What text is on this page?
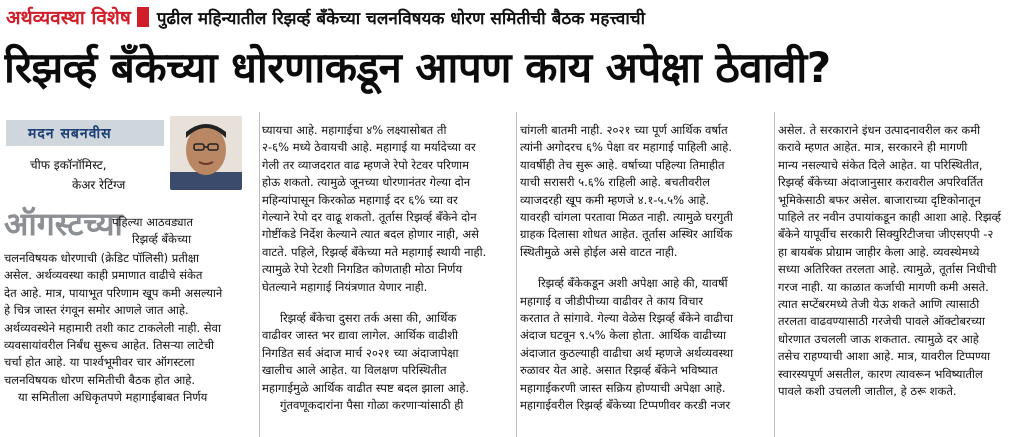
अर्थव्यवस्था विशेष पुढील महिन्यातील रिझर्व्ह बँकेच्या चलनविषयक धोरण समितीची बैठक महत्त्वाची
रिझर्व्ह बँकेच्या धोरणाकडून आपण काय अपेक्षा ठेवावी?
मदन सबनवीस
चीफ इकॉनॉमिस्ट,
केअर रेटिंग्ज
ऑगस्टच्या
पहिल्या आठवड्यात
रिझर्व्ह बँकेच्या
चलनविषयक धोरणाची (क्रेडिट पॉलिसी) प्रतीक्षा
असेल. अर्थव्यवस्था काही प्रमाणात वाढीचे संकेत
देत आहे. मात्र, पायाभूत परिणाम खूप कमी असल्याने
हे चित्र जास्त रंगवून समोर आणले जात आहे.
अर्थव्यवस्थेने महामारी तशी काट टाकलेली नाही. सेवा
व्यवसायांवरील निर्बंध सुरूच आहेत. तिसऱ्या लाटेची
चर्चा होत आहे. या पार्श्वभूमीवर चार ऑगस्टला
चलनविषयक धोरण समितीची बैठक होत आहे.
या समितीला अधिकृतपणे महागाईबाबत निर्णय
घ्यायचा आहे. महागाईचा ४% लक्ष्यासोबत ती
२-६% मध्ये ठेवायची आहे. महागाई या मर्यादेच्या वर
गेली तर व्याजदरात वाढ म्हणजे रेपो रेटवर परिणाम
होऊ शकतो. त्यामुळे जूनच्या धोरणानंतर गेल्या दोन
महिन्यांपासून किरकोळ महागाई दर ६% च्या वर
गेल्याने रेपो दर वाढू शकतो. तूर्तास रिझर्व्ह बँकेने दोन
गोष्टींकडे निर्देश केल्याने त्यात बदल होणार नाही, असे
वाटते. पहिले, रिझर्व्ह बँकेच्या मते महागाई स्थायी नाही.
त्यामुळे रेपो रेटशी निगडित कोणताही मोठा निर्णय
घेतल्याने महागाई नियंत्रणात येणार नाही.
रिझर्व्ह बँकेचा दुसरा तर्क असा की, आर्थिक
वाढीवर जास्त भर द्यावा लागेल. आर्थिक वाढीशी
निगडित सर्व अंदाज मार्च २०२१ च्या अंदाजापेक्षा
खालीच आले आहेत. या विलक्षण परिस्थितीत
महागाईमुळे आर्थिक वाढीत स्पष्ट बदल झाला आहे.
गुंतवणूकदारांना पैसा गोळा करणाऱ्यांसाठी ही
चांगली बातमी नाही. २०२१ च्या पूर्ण आर्थिक वर्षात
त्यांनी अगोदरच ६% पेक्षा वर महागाई पाहिली आहे.
यावर्षीही तेच सुरू आहे. वर्षाच्या पहिल्या तिमाहीत
याची सरासरी ५.६% राहिली आहे. बचतीवरील
व्याजदरही खूप कमी म्हणजे ४.१-५.५% आहे.
यावरही चांगला परतावा मिळत नाही. त्यामुळे घरगुती
ग्राहक दिलासा शोधत आहेत. तूर्तास अस्थिर आर्थिक
स्थितीमुळे असे होईल असे वाटत नाही.
रिझर्व्ह बँकेकडून अशी अपेक्षा आहे की, यावर्षी
महागाई व जीडीपीच्या वाढीवर ते काय विचार
करतात ते सांगावे. गेल्या वेळेस रिझर्व्ह बँकेने वाढीचा
अंदाज घटवून ९.५% केला होता. आर्थिक वाढीच्या
अंदाजात कुठल्याही वाढीचा अर्थ म्हणजे अर्थव्यवस्था
रुळावर येत आहे. असात रिझर्व्ह बँकेने भविष्यात
महागाईकरणी जास्त सक्रिय होण्याची अपेक्षा आहे.
महागाईवरील रिझर्व्ह बँकेच्या टिप्पणीवर करडी नजर
असेल. ते सरकाराने इंधन उत्पादनावरील कर कमी
करावे म्हणत आहेत. मात्र, सरकारने ही मागणी
मान्य नसल्याचे संकेत दिले आहेत. या परिस्थितीत,
रिझर्व्ह बँकेच्या अंदाजानुसार करावरील अपरिवर्तित
भूमिकेसाठी बफर असेल. बाजाराच्या दृष्टिकोनातून
पाहिले तर नवीन उपायांकडून काही आशा आहे. रिझर्व्ह
बँकेने यापूर्वीच सरकारी सिक्युरिटीजचा जीएसएपी -२
हा बायबॅक प्रोग्राम जाहीर केला आहे. व्यवस्थेमध्ये
सध्या अतिरिक्त तरलता आहे. त्यामुळे, तूर्तास निधीची
गरज नाही. या काळात कर्जाची मागणी कमी असते.
त्यात सप्टेंबरमध्ये तेजी येऊ शकते आणि त्यासाठी
तरलता वाढवण्यासाठी गरजेची पावले ऑक्टोबरच्या
धोरणात उचलली जाऊ शकतात. त्यामुळे दर आहे
तसेच राहण्याची आशा आहे. मात्र, यावरील टिप्पण्या
स्वारस्यपूर्ण असतील, कारण त्यावरून भविष्यातील
पावले कशी उचलली जातील, हे ठरू शकते.
